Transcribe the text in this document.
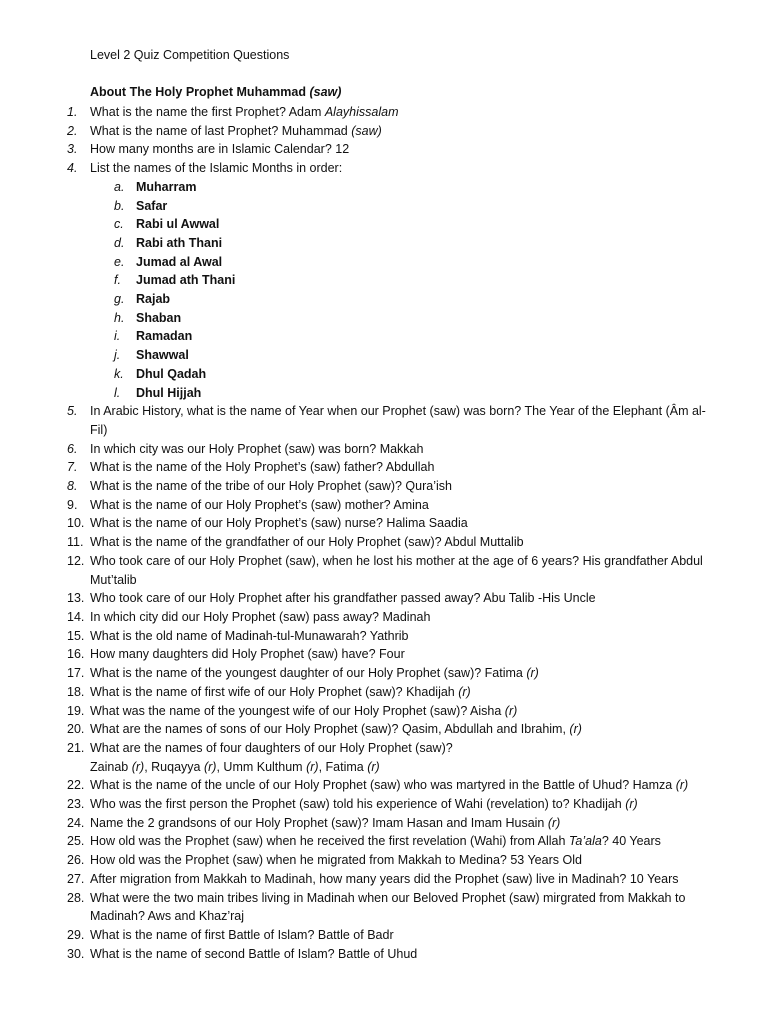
Level 2 Quiz Competition Questions
About The Holy Prophet Muhammad (saw)
1.	What is the name the first Prophet? Adam Alayhissalam
2.	What is the name of last Prophet? Muhammad (saw)
3.	How many months are in Islamic Calendar? 12
4.	List the names of the Islamic Months in order:
a. Muharram
b. Safar
c. Rabi ul Awwal
d. Rabi ath Thani
e. Jumad al Awal
f. Jumad ath Thani
g. Rajab
h. Shaban
i. Ramadan
j. Shawwal
k. Dhul Qadah
l. Dhul Hijjah
5.	In Arabic History, what is the name of Year when our Prophet (saw) was born? The Year of the Elephant (Âm al-Fil)
6.	In which city was our Holy Prophet (saw) was born? Makkah
7.	What is the name of the Holy Prophet’s (saw) father? Abdullah
8.	What is the name of the tribe of our Holy Prophet (saw)? Qura’ish
9.	What is the name of our Holy Prophet’s (saw) mother? Amina
10. What is the name of our Holy Prophet’s (saw) nurse? Halima Saadia
11. What is the name of the grandfather of our Holy Prophet (saw)? Abdul Muttalib
12. Who took care of our Holy Prophet (saw), when he lost his mother at the age of 6 years? His grandfather Abdul Mut’talib
13. Who took care of our Holy Prophet after his grandfather passed away? Abu Talib -His Uncle
14. In which city did our Holy Prophet (saw) pass away? Madinah
15. What is the old name of Madinah-tul-Munawarah? Yathrib
16. How many daughters did Holy Prophet (saw) have? Four
17. What is the name of the youngest daughter of our Holy Prophet (saw)? Fatima (r)
18. What is the name of first wife of our Holy Prophet (saw)? Khadijah (r)
19. What was the name of the youngest wife of our Holy Prophet (saw)? Aisha (r)
20. What are the names of sons of our Holy Prophet (saw)? Qasim, Abdullah and Ibrahim, (r)
21. What are the names of four daughters of our Holy Prophet (saw)?
Zainab (r), Ruqayya (r), Umm Kulthum (r), Fatima (r)
22. What is the name of the uncle of our Holy Prophet (saw) who was martyred in the Battle of Uhud? Hamza (r)
23. Who was the first person the Prophet (saw) told his experience of Wahi (revelation) to? Khadijah (r)
24. Name the 2 grandsons of our Holy Prophet (saw)? Imam Hasan and Imam Husain (r)
25. How old was the Prophet (saw) when he received the first revelation (Wahi) from Allah Ta’ala? 40 Years
26. How old was the Prophet (saw) when he migrated from Makkah to Medina? 53 Years Old
27. After migration from Makkah to Madinah, how many years did the Prophet (saw) live in Madinah? 10 Years
28. What were the two main tribes living in Madinah when our Beloved Prophet (saw) mirgrated from Makkah to Madinah? Aws and Khaz’raj
29. What is the name of first Battle of Islam? Battle of Badr
30. What is the name of second Battle of Islam? Battle of Uhud
